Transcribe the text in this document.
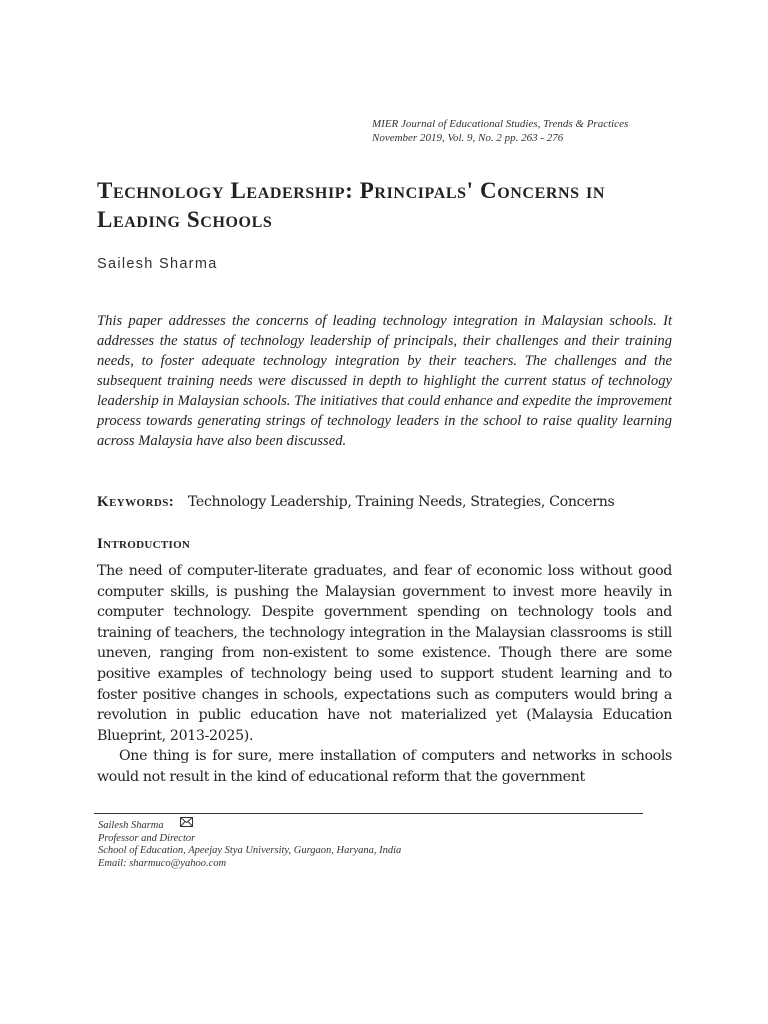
MIER Journal of Educational Studies, Trends & Practices
November 2019, Vol. 9, No. 2 pp. 263 - 276
Technology Leadership: Principals' Concerns in Leading Schools
Sailesh Sharma
This paper addresses the concerns of leading technology integration in Malaysian schools. It addresses the status of technology leadership of principals, their challenges and their training needs, to foster adequate technology integration by their teachers. The challenges and the subsequent training needs were discussed in depth to highlight the current status of technology leadership in Malaysian schools. The initiatives that could enhance and expedite the improvement process towards generating strings of technology leaders in the school to raise quality learning across Malaysia have also been discussed.
Keywords: Technology Leadership, Training Needs, Strategies, Concerns
Introduction

The need of computer-literate graduates, and fear of economic loss without good computer skills, is pushing the Malaysian government to invest more heavily in computer technology. Despite government spending on technology tools and training of teachers, the technology integration in the Malaysian classrooms is still uneven, ranging from non-existent to some existence. Though there are some positive examples of technology being used to support student learning and to foster positive changes in schools, expectations such as computers would bring a revolution in public education have not materialized yet (Malaysia Education Blueprint, 2013-2025).

One thing is for sure, mere installation of computers and networks in schools would not result in the kind of educational reform that the government

Sailesh Sharma
Professor and Director
School of Education, Apeejay Stya University, Gurgaon, Haryana, India
Email: sharmuco@yahoo.com
